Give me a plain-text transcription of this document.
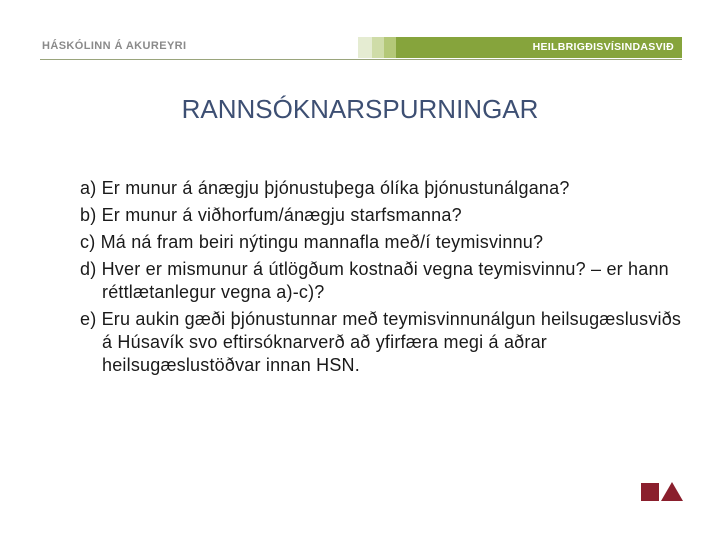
HÁSKÓLINN Á AKUREYRI	HEILBRIGÐISVÍSINDASVIÐ
RANNSÓKNARSPURNINGAR
a) Er munur á ánægju þjónustuþega ólíka þjónustunálgana?
b) Er munur á viðhorfum/ánægju starfsmanna?
c) Má ná fram beiri nýtingu mannafla með/í teymisvinnu?
d) Hver er mismunur á útlögðum kostnaði vegna teymisvinnu? – er hann réttlætanlegur vegna a)-c)?
e) Eru aukin gæði þjónustunnar með teymisvinnunálgun heilsugæslusviðs á Húsavík svo eftirsóknarverð að yfirfæra megi á aðrar heilsugæslustöðvar innan HSN.
